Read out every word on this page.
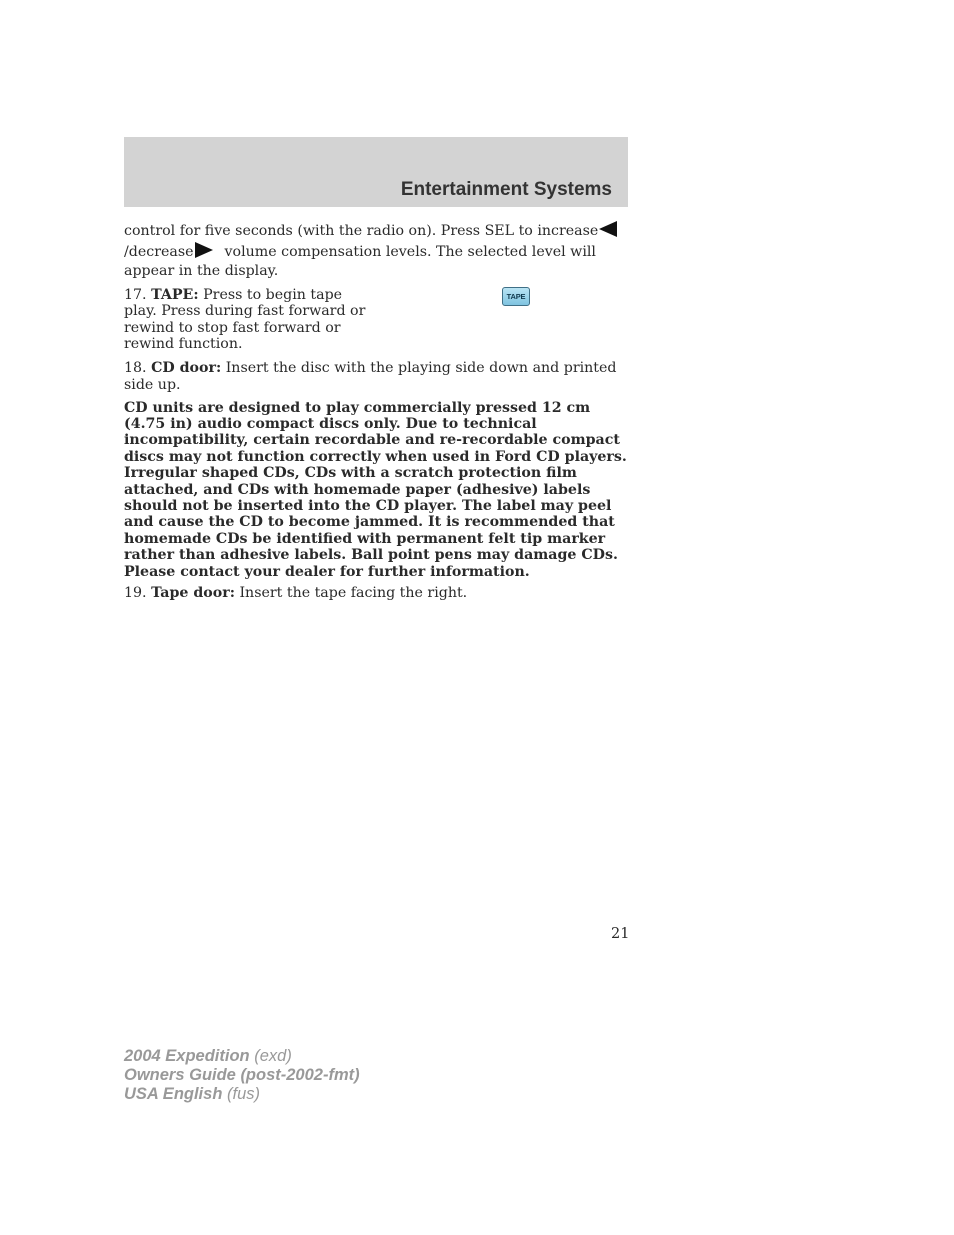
Entertainment Systems

control for five seconds (with the radio on). Press SEL to increase/decrease volume compensation levels. The selected level will appear in the display.

17. TAPE: Press to begin tape play. Press during fast forward or rewind to stop fast forward or rewind function.
TAPE

18. CD door: Insert the disc with the playing side down and printed side up.

CD units are designed to play commercially pressed 12 cm (4.75 in) audio compact discs only. Due to technical incompatibility, certain recordable and re-recordable compact discs may not function correctly when used in Ford CD players. Irregular shaped CDs, CDs with a scratch protection film attached, and CDs with homemade paper (adhesive) labels should not be inserted into the CD player. The label may peel and cause the CD to become jammed. It is recommended that homemade CDs be identified with permanent felt tip marker rather than adhesive labels. Ball point pens may damage CDs. Please contact your dealer for further information.

19. Tape door: Insert the tape facing the right.

21
2004 Expedition (exd)
Owners Guide (post-2002-fmt)
USA English (fus)
